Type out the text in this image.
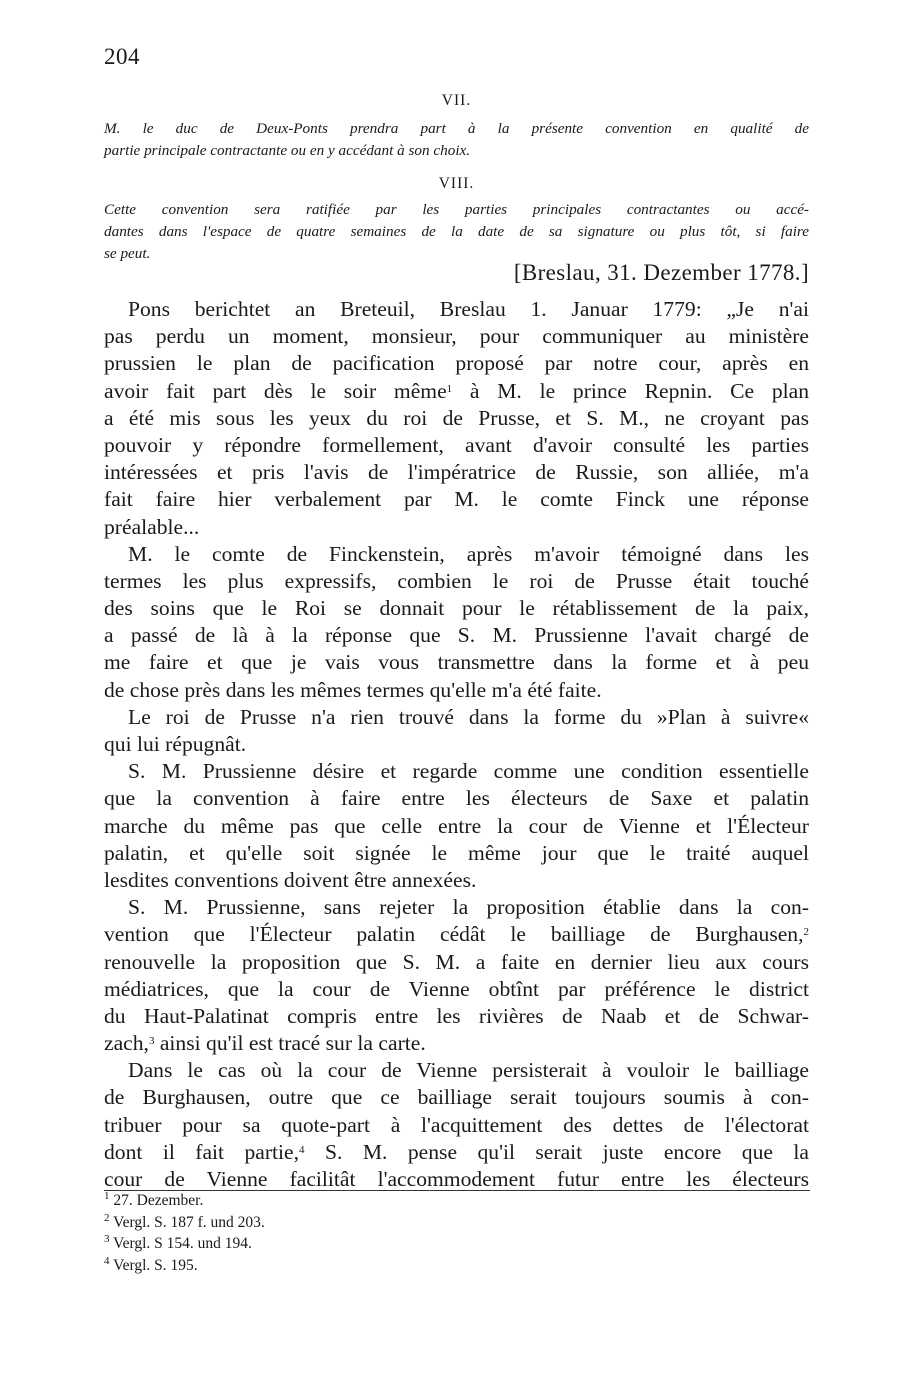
204
VII.
M. le duc de Deux-Ponts prendra part à la présente convention en qualité de
partie principale contractante ou en y accédant à son choix.
VIII.
Cette convention sera ratifiée par les parties principales contractantes ou accé-
dantes dans l'espace de quatre semaines de la date de sa signature ou plus tôt, si faire
se peut.
[Breslau, 31. Dezember 1778.]
Pons berichtet an Breteuil, Breslau 1. Januar 1779: „Je n'ai
pas perdu un moment, monsieur, pour communiquer au ministère
prussien le plan de pacification proposé par notre cour, après en
avoir fait part dès le soir même$^1$ à M. le prince Repnin. Ce plan
a été mis sous les yeux du roi de Prusse, et S. M., ne croyant pas
pouvoir y répondre formellement, avant d'avoir consulté les parties
intéressées et pris l'avis de l'impératrice de Russie, son alliée, m'a
fait faire hier verbalement par M. le comte Finck une réponse
préalable...
M. le comte de Finckenstein, après m'avoir témoigné dans les
termes les plus expressifs, combien le roi de Prusse était touché
des soins que le Roi se donnait pour le rétablissement de la paix,
a passé de là à la réponse que S. M. Prussienne l'avait chargé de
me faire et que je vais vous transmettre dans la forme et à peu
de chose près dans les mêmes termes qu'elle m'a été faite.
Le roi de Prusse n'a rien trouvé dans la forme du »Plan à suivre«
qui lui répugnât.
S. M. Prussienne désire et regarde comme une condition essentielle
que la convention à faire entre les électeurs de Saxe et palatin
marche du même pas que celle entre la cour de Vienne et l'Électeur
palatin, et qu'elle soit signée le même jour que le traité auquel
lesdites conventions doivent être annexées.
S. M. Prussienne, sans rejeter la proposition établie dans la con-
vention que l'Électeur palatin cédât le bailliage de Burghausen,$^2$
renouvelle la proposition que S. M. a faite en dernier lieu aux cours
médiatrices, que la cour de Vienne obtînt par préférence le district
du Haut-Palatinat compris entre les rivières de Naab et de Schwar-
zach,$^3$ ainsi qu'il est tracé sur la carte.
Dans le cas où la cour de Vienne persisterait à vouloir le bailliage
de Burghausen, outre que ce bailliage serait toujours soumis à con-
tribuer pour sa quote-part à l'acquittement des dettes de l'électorat
dont il fait partie,$^4$ S. M. pense qu'il serait juste encore que la
cour de Vienne facilitât l'accommodement futur entre les électeurs
$^1$ 27. Dezember.
$^2$ Vergl. S. 187 f. und 203.
$^3$ Vergl. S 154. und 194.
$^4$ Vergl. S. 195.
